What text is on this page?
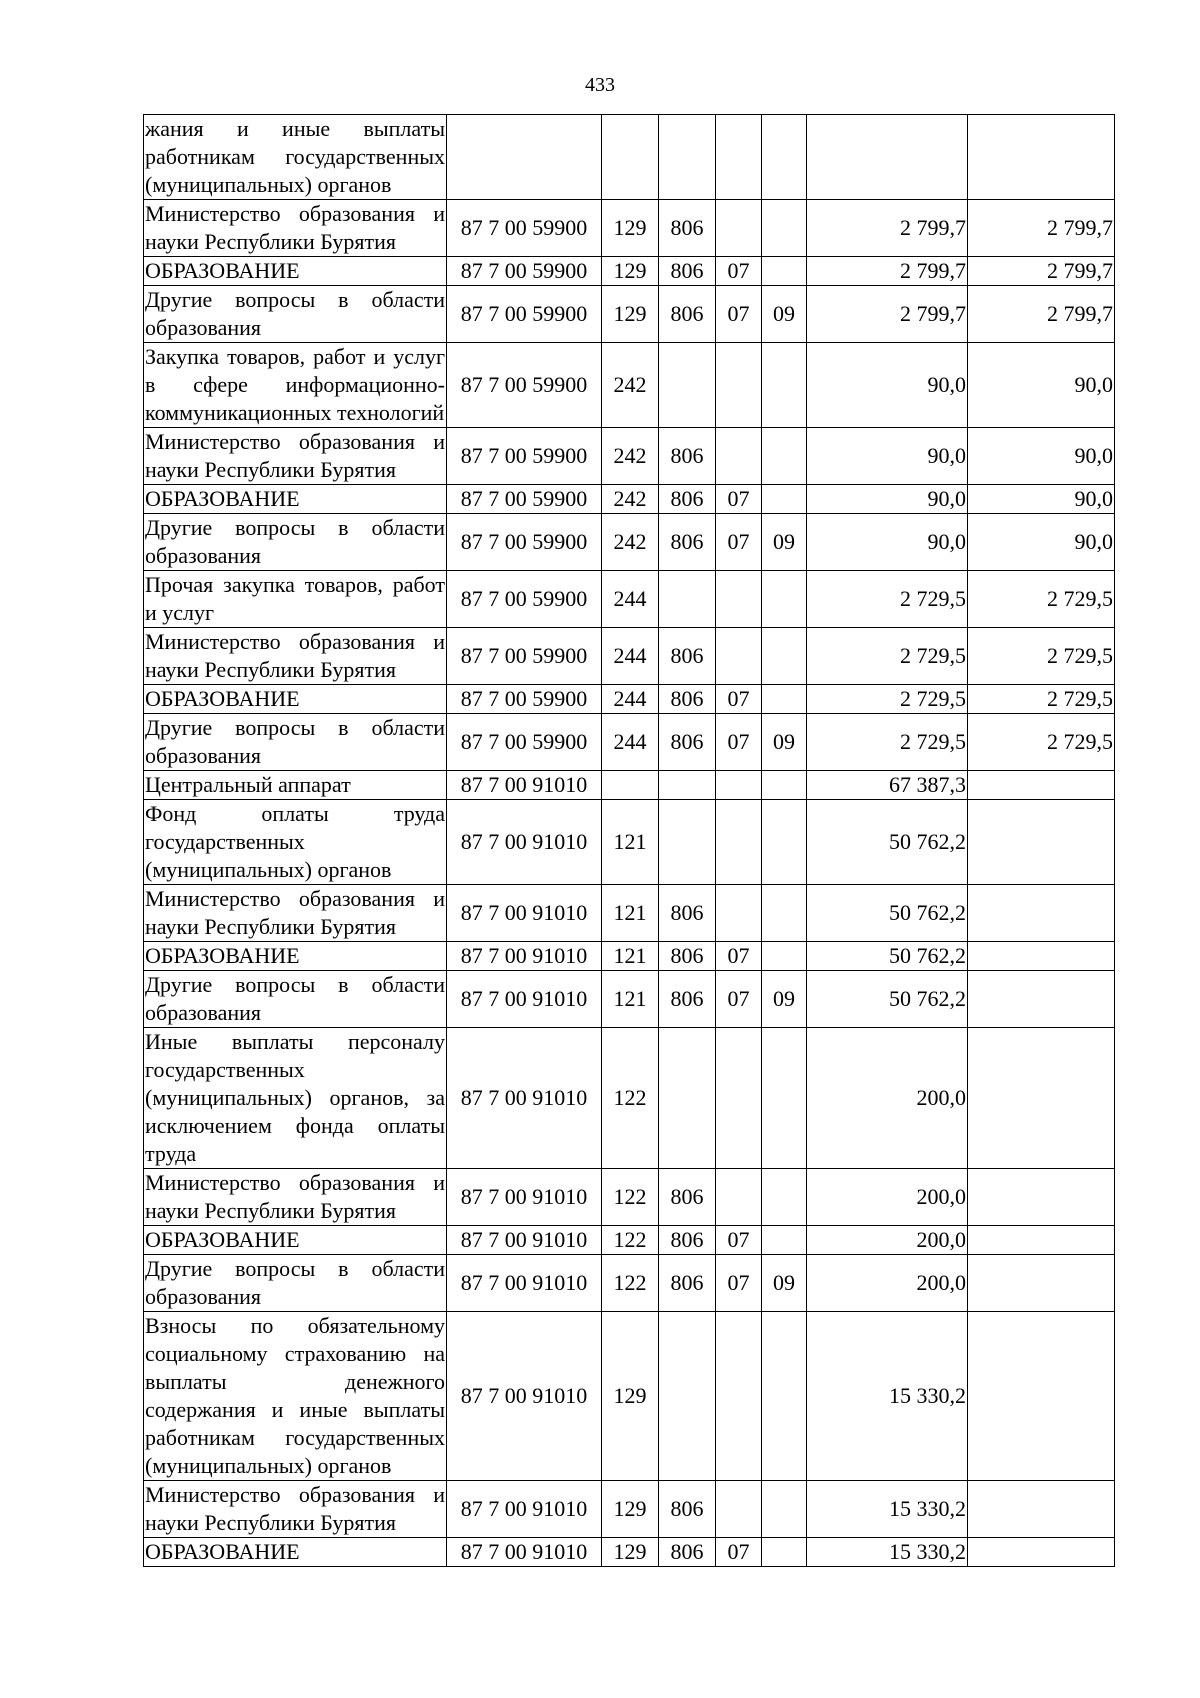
433
жания и иные выплаты работникам государственных (муниципальных) органов							
Министерство образования и науки Республики Бурятия	87 7 00 59900	129	806			2 799,7	2 799,7
ОБРАЗОВАНИЕ	87 7 00 59900	129	806	07		2 799,7	2 799,7
Другие вопросы в области образования	87 7 00 59900	129	806	07	09	2 799,7	2 799,7
Закупка товаров, работ и услуг в сфере информационно-коммуникационных технологий	87 7 00 59900	242				90,0	90,0
Министерство образования и науки Республики Бурятия	87 7 00 59900	242	806			90,0	90,0
ОБРАЗОВАНИЕ	87 7 00 59900	242	806	07		90,0	90,0
Другие вопросы в области образования	87 7 00 59900	242	806	07	09	90,0	90,0
Прочая закупка товаров, работ и услуг	87 7 00 59900	244				2 729,5	2 729,5
Министерство образования и науки Республики Бурятия	87 7 00 59900	244	806			2 729,5	2 729,5
ОБРАЗОВАНИЕ	87 7 00 59900	244	806	07		2 729,5	2 729,5
Другие вопросы в области образования	87 7 00 59900	244	806	07	09	2 729,5	2 729,5
Центральный аппарат	87 7 00 91010					67 387,3	
Фонд оплаты труда государственных (муниципальных) органов	87 7 00 91010	121				50 762,2	
Министерство образования и науки Республики Бурятия	87 7 00 91010	121	806			50 762,2	
ОБРАЗОВАНИЕ	87 7 00 91010	121	806	07		50 762,2	
Другие вопросы в области образования	87 7 00 91010	121	806	07	09	50 762,2	
Иные выплаты персоналу государственных (муниципальных) органов, за исключением фонда оплаты труда	87 7 00 91010	122				200,0	
Министерство образования и науки Республики Бурятия	87 7 00 91010	122	806			200,0	
ОБРАЗОВАНИЕ	87 7 00 91010	122	806	07		200,0	
Другие вопросы в области образования	87 7 00 91010	122	806	07	09	200,0	
Взносы по обязательному социальному страхованию на выплаты денежного содержания и иные выплаты работникам государственных (муниципальных) органов	87 7 00 91010	129				15 330,2	
Министерство образования и науки Республики Бурятия	87 7 00 91010	129	806			15 330,2	
ОБРАЗОВАНИЕ	87 7 00 91010	129	806	07		15 330,2	
